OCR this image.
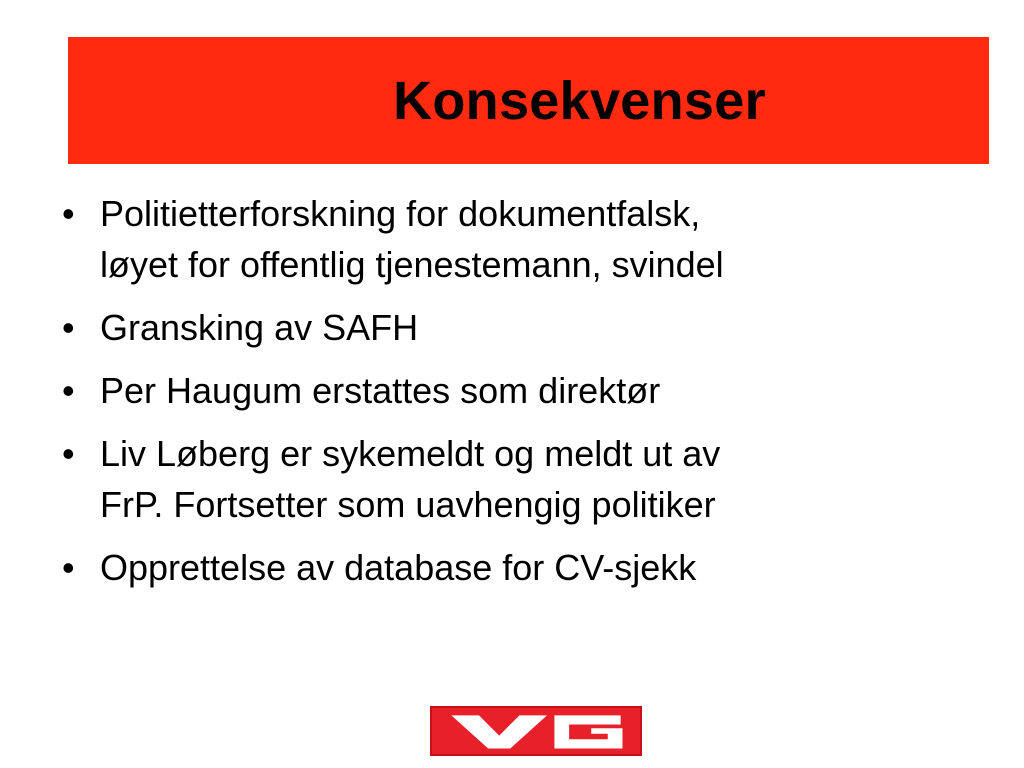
Konsekvenser
• Politietterforskning for dokumentfalsk,
løyet for offentlig tjenestemann, svindel
• Gransking av SAFH
• Per Haugum erstattes som direktør
• Liv Løberg er sykemeldt og meldt ut av
FrP. Fortsetter som uavhengig politiker
• Opprettelse av database for CV-sjekk
